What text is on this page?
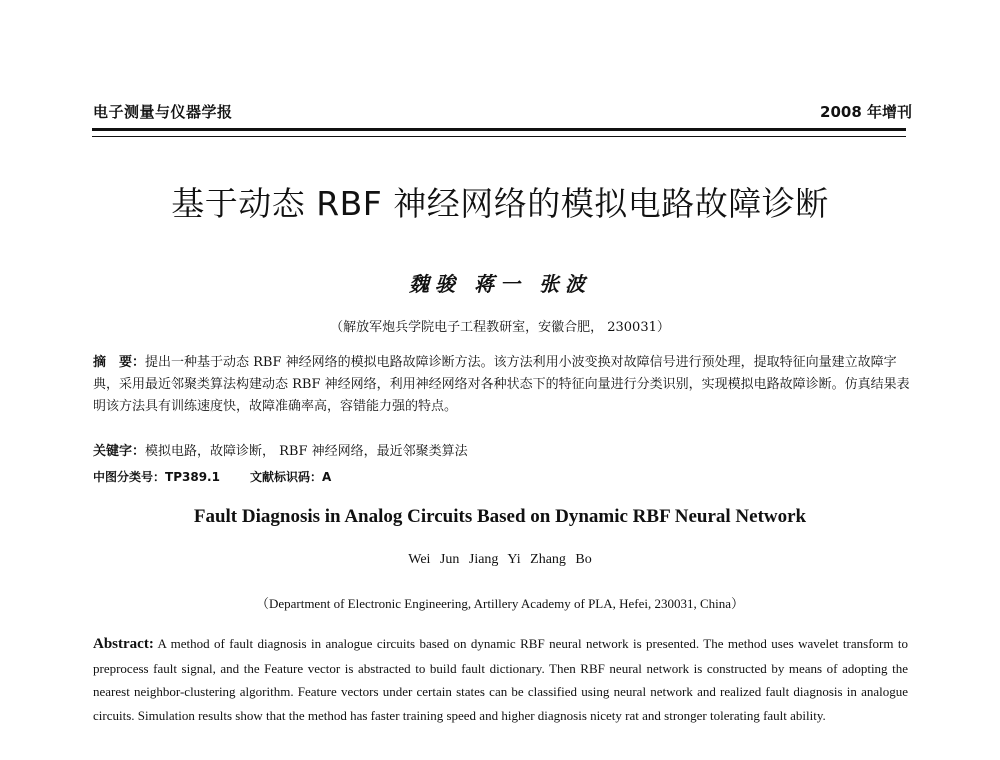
电子测量与仪器学报	2008 年增刊
基于动态 RBF 神经网络的模拟电路故障诊断
魏骏 蒋一 张波
（解放军炮兵学院电子工程教研室，安徽合肥， 230031）
摘　要：提出一种基于动态 RBF 神经网络的模拟电路故障诊断方法。该方法利用小波变换对故障信号进行预处理，提取特征向量建立故障字典，采用最近邻聚类算法构建动态 RBF 神经网络，利用神经网络对各种状态下的特征向量进行分类识别，实现模拟电路故障诊断。仿真结果表明该方法具有训练速度快，故障准确率高，容错能力强的特点。
关键字：模拟电路，故障诊断， RBF 神经网络，最近邻聚类算法
中图分类号：TP389.1	文献标识码：A
Fault Diagnosis in Analog Circuits Based on Dynamic RBF Neural Network
Wei Jun Jiang Yi Zhang Bo
（Department of Electronic Engineering, Artillery Academy of PLA, Hefei, 230031, China）
Abstract: A method of fault diagnosis in analogue circuits based on dynamic RBF neural network is presented. The method uses wavelet transform to preprocess fault signal, and the Feature vector is abstracted to build fault dictionary. Then RBF neural network is constructed by means of adopting the nearest neighbor-clustering algorithm. Feature vectors under certain states can be classified using neural network and realized fault diagnosis in analogue circuits. Simulation results show that the method has faster training speed and higher diagnosis nicety rat and stronger tolerating fault ability.
